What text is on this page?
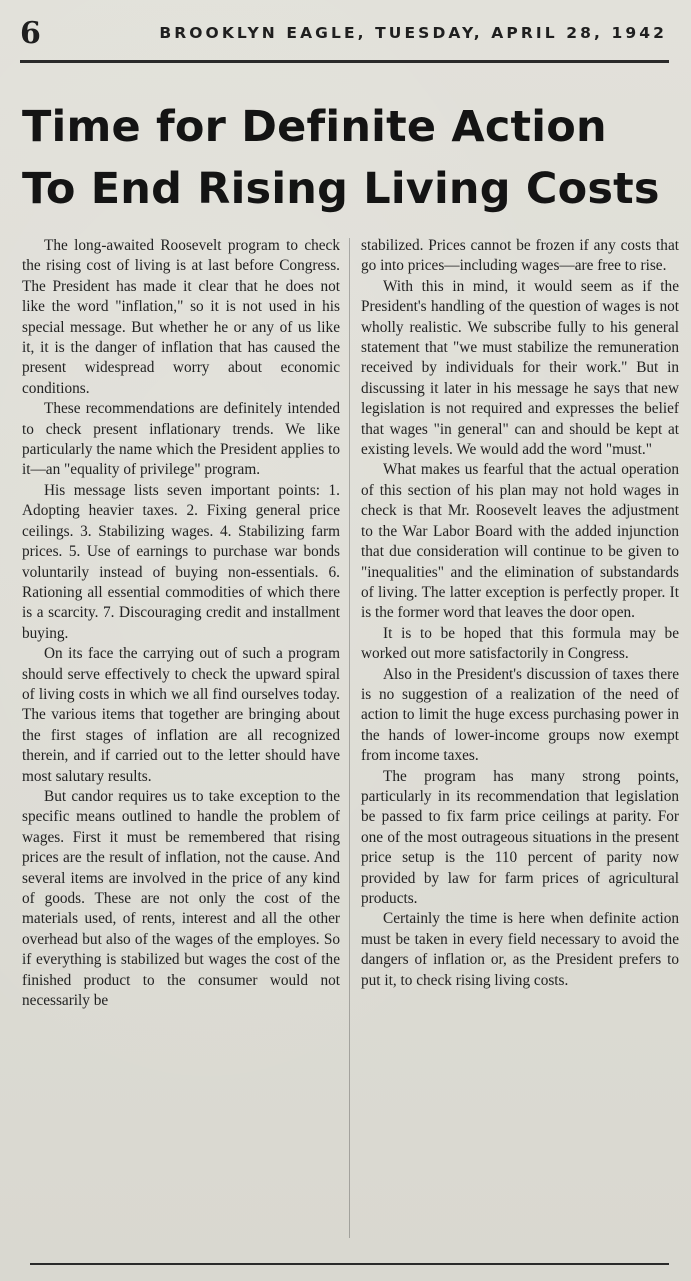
6	BROOKLYN EAGLE, TUESDAY, APRIL 28, 1942
Time for Definite Action
To End Rising Living Costs

The long-awaited Roosevelt program to check the rising cost of living is at last before Congress. The President has made it clear that he does not like the word "inflation," so it is not used in his special message. But whether he or any of us like it, it is the danger of inflation that has caused the present widespread worry about economic conditions.

These recommendations are definitely intended to check present inflationary trends. We like particularly the name which the President applies to it—an "equality of privilege" program.

His message lists seven important points: 1. Adopting heavier taxes. 2. Fixing general price ceilings. 3. Stabilizing wages. 4. Stabilizing farm prices. 5. Use of earnings to purchase war bonds voluntarily instead of buying non-essentials. 6. Rationing all essential commodities of which there is a scarcity. 7. Discouraging credit and installment buying.

On its face the carrying out of such a program should serve effectively to check the upward spiral of living costs in which we all find ourselves today. The various items that together are bringing about the first stages of inflation are all recognized therein, and if carried out to the letter should have most salutary results.

But candor requires us to take exception to the specific means outlined to handle the problem of wages. First it must be remembered that rising prices are the result of inflation, not the cause. And several items are involved in the price of any kind of goods. These are not only the cost of the materials used, of rents, interest and all the other overhead but also of the wages of the employes. So if everything is stabilized but wages the cost of the finished product to the consumer would not necessarily be

stabilized. Prices cannot be frozen if any costs that go into prices—including wages—are free to rise.

With this in mind, it would seem as if the President's handling of the question of wages is not wholly realistic. We subscribe fully to his general statement that "we must stabilize the remuneration received by individuals for their work." But in discussing it later in his message he says that new legislation is not required and expresses the belief that wages "in general" can and should be kept at existing levels. We would add the word "must."

What makes us fearful that the actual operation of this section of his plan may not hold wages in check is that Mr. Roosevelt leaves the adjustment to the War Labor Board with the added injunction that due consideration will continue to be given to "inequalities" and the elimination of substandards of living. The latter exception is perfectly proper. It is the former word that leaves the door open.

It is to be hoped that this formula may be worked out more satisfactorily in Congress.

Also in the President's discussion of taxes there is no suggestion of a realization of the need of action to limit the huge excess purchasing power in the hands of lower-income groups now exempt from income taxes.

The program has many strong points, particularly in its recommendation that legislation be passed to fix farm price ceilings at parity. For one of the most outrageous situations in the present price setup is the 110 percent of parity now provided by law for farm prices of agricultural products.

Certainly the time is here when definite action must be taken in every field necessary to avoid the dangers of inflation or, as the President prefers to put it, to check rising living costs.
